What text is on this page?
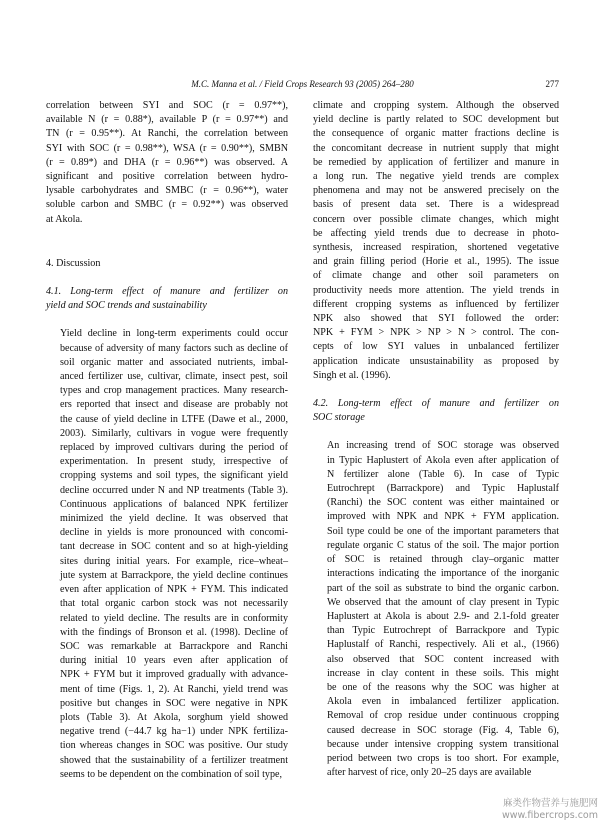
M.C. Manna et al. / Field Crops Research 93 (2005) 264–280	277

correlation between SYI and SOC (r = 0.97**),
available N (r = 0.88*), available P (r = 0.97**) and
TN (r = 0.95**). At Ranchi, the correlation between
SYI with SOC (r = 0.98**), WSA (r = 0.90**), SMBN
(r = 0.89*) and DHA (r = 0.96**) was observed. A
significant and positive correlation between hydro-
lysable carbohydrates and SMBC (r = 0.96**), water
soluble carbon and SMBC (r = 0.92**) was observed
at Akola.

4. Discussion

4.1. Long-term effect of manure and fertilizer on
yield and SOC trends and sustainability

Yield decline in long-term experiments could occur
because of adversity of many factors such as decline of
soil organic matter and associated nutrients, imbal-
anced fertilizer use, cultivar, climate, insect pest, soil
types and crop management practices. Many research-
ers reported that insect and disease are probably not
the cause of yield decline in LTFE (Dawe et al., 2000,
2003). Similarly, cultivars in vogue were frequently
replaced by improved cultivars during the period of
experimentation. In present study, irrespective of
cropping systems and soil types, the significant yield
decline occurred under N and NP treatments (Table 3).
Continuous applications of balanced NPK fertilizer
minimized the yield decline. It was observed that
decline in yields is more pronounced with concomi-
tant decrease in SOC content and so at high-yielding
sites during initial years. For example, rice–wheat–
jute system at Barrackpore, the yield decline continues
even after application of NPK + FYM. This indicated
that total organic carbon stock was not necessarily
related to yield decline. The results are in conformity
with the findings of Bronson et al. (1998). Decline of
SOC was remarkable at Barrackpore and Ranchi
during initial 10 years even after application of
NPK + FYM but it improved gradually with advance-
ment of time (Figs. 1, 2). At Ranchi, yield trend was
positive but changes in SOC were negative in NPK
plots (Table 3). At Akola, sorghum yield showed
negative trend (−44.7 kg ha−1) under NPK fertiliza-
tion whereas changes in SOC was positive. Our study
showed that the sustainability of a fertilizer treatment
seems to be dependent on the combination of soil type,

climate and cropping system. Although the observed
yield decline is partly related to SOC development but
the consequence of organic matter fractions decline is
the concomitant decrease in nutrient supply that might
be remedied by application of fertilizer and manure in
a long run. The negative yield trends are complex
phenomena and may not be answered precisely on the
basis of present data set. There is a widespread
concern over possible climate changes, which might
be affecting yield trends due to decrease in photo-
synthesis, increased respiration, shortened vegetative
and grain filling period (Horie et al., 1995). The issue
of climate change and other soil parameters on
productivity needs more attention. The yield trends in
different cropping systems as influenced by fertilizer
NPK also showed that SYI followed the order:
NPK + FYM > NPK > NP > N > control. The con-
cepts of low SYI values in unbalanced fertilizer
application indicate unsustainability as proposed by
Singh et al. (1996).

4.2. Long-term effect of manure and fertilizer on
SOC storage

An increasing trend of SOC storage was observed
in Typic Haplustert of Akola even after application of
N fertilizer alone (Table 6). In case of Typic
Eutrochrept (Barrackpore) and Typic Haplustalf
(Ranchi) the SOC content was either maintained or
improved with NPK and NPK + FYM application.
Soil type could be one of the important parameters that
regulate organic C status of the soil. The major portion
of SOC is retained through clay–organic matter
interactions indicating the importance of the inorganic
part of the soil as substrate to bind the organic carbon.
We observed that the amount of clay present in Typic
Haplustert at Akola is about 2.9- and 2.1-fold greater
than Typic Eutrochrept of Barrackpore and Typic
Haplustalf of Ranchi, respectively. Ali et al., (1966)
also observed that SOC content increased with
increase in clay content in these soils. This might
be one of the reasons why the SOC was higher at
Akola even in imbalanced fertilizer application.
Removal of crop residue under continuous cropping
caused decrease in SOC storage (Fig. 4, Table 6),
because under intensive cropping system transitional
period between two crops is too short. For example,
after harvest of rice, only 20–25 days are available

麻类作物营养与施肥网
www.fibercrops.com
